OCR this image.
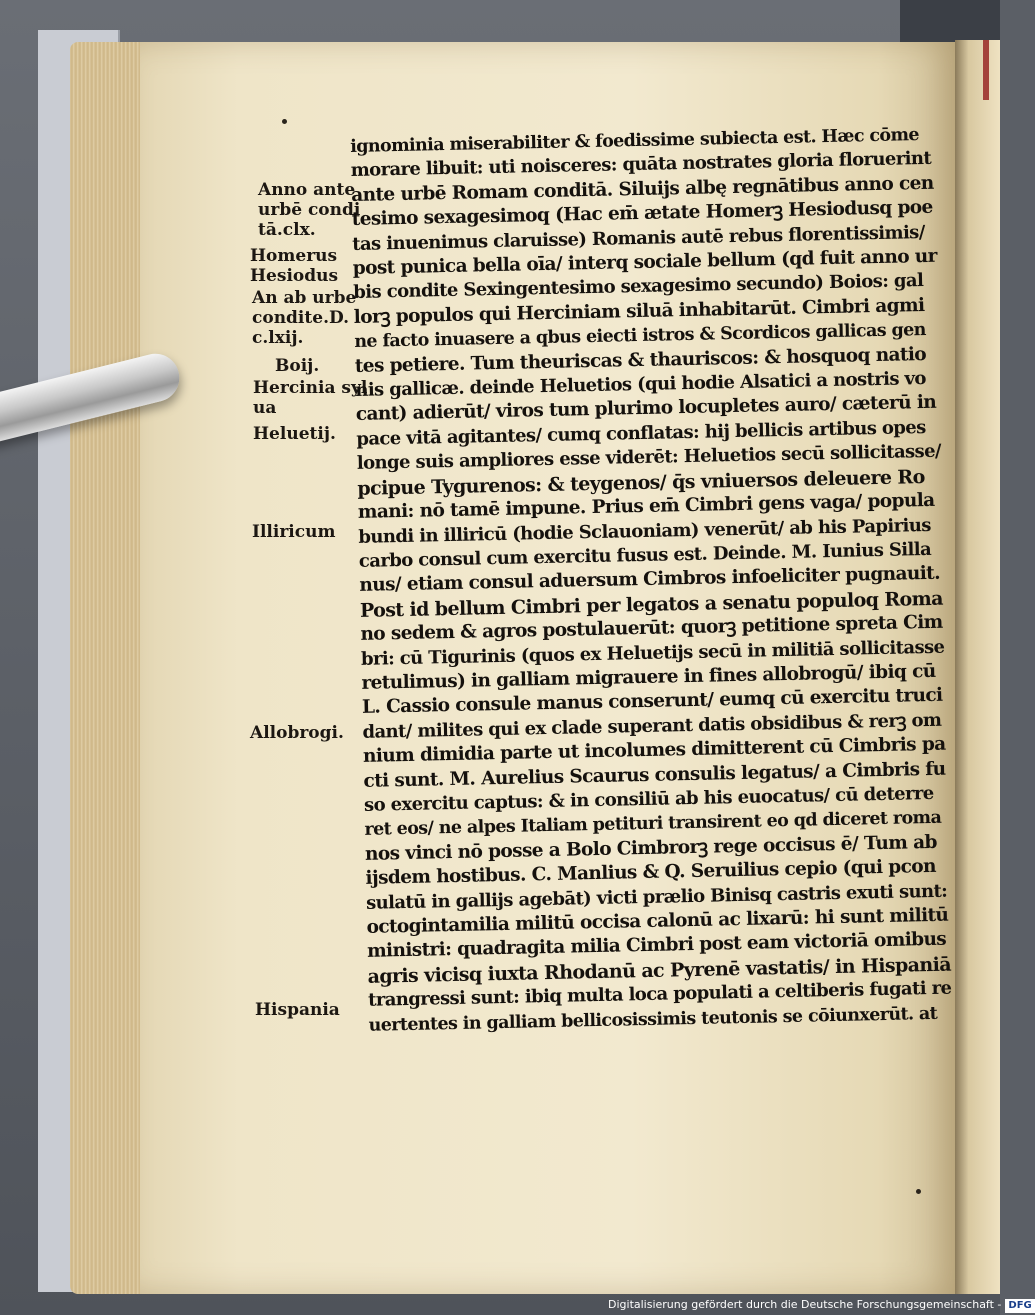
Anno ante
urbē condi
tā.clx.
Homerus
Hesiodus
An ab urbe
condite.D.
c.lxij.
Boij.
Hercinia syl
ua
Heluetij.
Illiricum
Allobrogi.
Hispania
ignominia miserabiliter & foedissime subiecta est. Hæc cōme
morare libuit: uti noisceres: quāta nostrates gloria floruerint
ante urbē Romam conditā. Siluijs albę regnātibus anno cen
tesimo sexagesimoq (Hac em̄ ætate Homerꝫ Hesiodusq poe
tas inuenimus claruisse) Romanis autē rebus florentissimis/
post punica bella oīa/ interq sociale bellum (qd fuit anno ur
bis condite Sexingentesimo sexagesimo secundo) Boios: gal
lorꝫ populos qui Herciniam siluā inhabitarūt. Cimbri agmi
ne facto inuasere a qbus eiecti istros & Scordicos gallicas gen
tes petiere. Tum theuriscas & thauriscos: & hosquoq natio
nis gallicæ. deinde Heluetios (qui hodie Alsatici a nostris vo
cant) adierūt/ viros tum plurimo locupletes auro/ cæterū in
pace vitā agitantes/ cumq conflatas: hij bellicis artibus opes
longe suis ampliores esse viderēt: Heluetios secū sollicitasse/
pcipue Tygurenos: & teygenos/ q̄s vniuersos deleuere Ro
mani: nō tamē impune. Prius em̄ Cimbri gens vaga/ popula
bundi in illiricū (hodie Sclauoniam) venerūt/ ab his Papirius
carbo consul cum exercitu fusus est. Deinde. M. Iunius Silla
nus/ etiam consul aduersum Cimbros infoeliciter pugnauit.
Post id bellum Cimbri per legatos a senatu populoq Roma
no sedem & agros postulauerūt: quorꝫ petitione spreta Cim
bri: cū Tigurinis (quos ex Heluetijs secū in militiā sollicitasse
retulimus) in galliam migrauere in fines allobrogū/ ibiq cū
L. Cassio consule manus conserunt/ eumq cū exercitu truci
dant/ milites qui ex clade superant datis obsidibus & rerꝫ om
nium dimidia parte ut incolumes dimitterent cū Cimbris pa
cti sunt. M. Aurelius Scaurus consulis legatus/ a Cimbris fu
so exercitu captus: & in consiliū ab his euocatus/ cū deterre
ret eos/ ne alpes Italiam petituri transirent eo qd diceret roma
nos vinci nō posse a Bolo Cimbrorꝫ rege occisus ē/ Tum ab
ijsdem hostibus. C. Manlius & Q. Seruilius cepio (qui pcon
sulatū in gallijs agebāt) victi prælio Binisq castris exuti sunt:
octogintamilia militū occisa calonū ac lixarū: hi sunt militū
ministri: quadragita milia Cimbri post eam victoriā omibus
agris vicisq iuxta Rhodanū ac Pyrenē vastatis/ in Hispaniā
trangressi sunt: ibiq multa loca populati a celtiberis fugati re
uertentes in galliam bellicosissimis teutonis se cōiunxerūt. at
Digitalisierung gefördert durch die Deutsche Forschungsgemeinschaft - DFG
